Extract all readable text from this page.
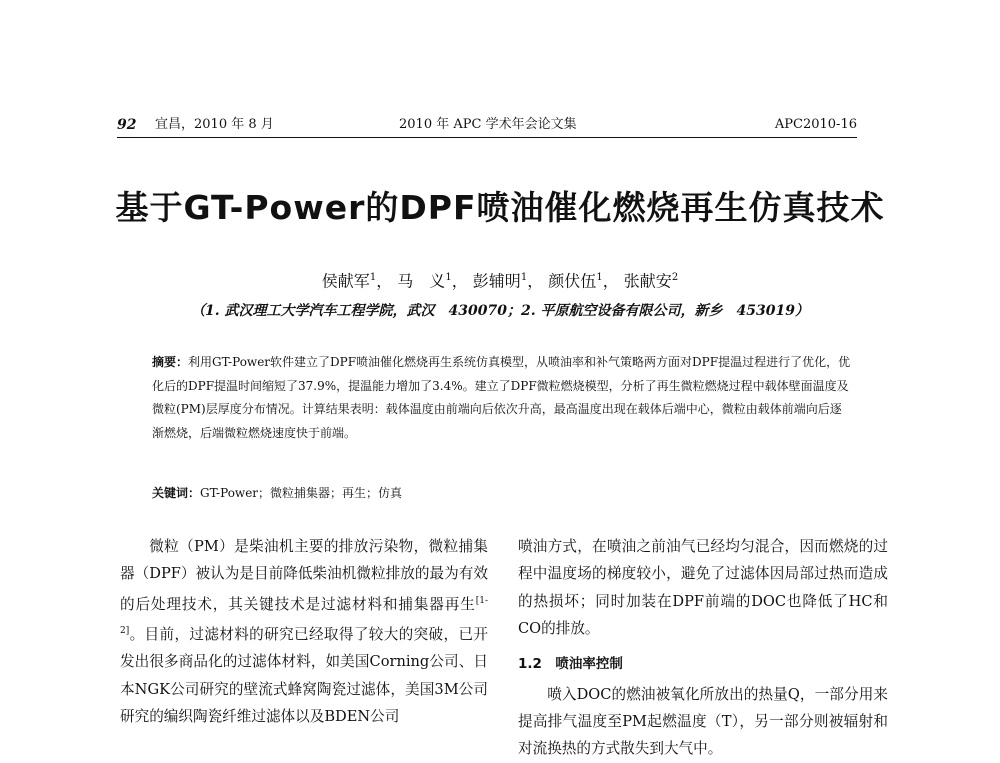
92 宜昌，2010 年 8 月	2010 年 APC 学术年会论文集	APC2010-16
基于GT-Power的DPF喷油催化燃烧再生仿真技术
侯献军$^1$， 马　义$^1$， 彭辅明$^1$， 颜伏伍$^1$， 张献安$^2$
（1. 武汉理工大学汽车工程学院，武汉　430070；2. 平原航空设备有限公司，新乡　453019）
摘要：利用GT-Power软件建立了DPF喷油催化燃烧再生系统仿真模型，从喷油率和补气策略两方面对DPF提温过程进行了优化，优化后的DPF提温时间缩短了37.9%，提温能力增加了3.4%。建立了DPF微粒燃烧模型，分析了再生微粒燃烧过程中载体壁面温度及微粒(PM)层厚度分布情况。计算结果表明：载体温度由前端向后依次升高，最高温度出现在载体后端中心，微粒由载体前端向后逐渐燃烧，后端微粒燃烧速度快于前端。
关键词：GT-Power；微粒捕集器；再生；仿真

微粒（PM）是柴油机主要的排放污染物，微粒捕集器（DPF）被认为是目前降低柴油机微粒排放的最为有效的后处理技术，其关键技术是过滤材料和捕集器再生[1-2]。目前，过滤材料的研究已经取得了较大的突破，已开发出很多商品化的过滤体材料，如美国Corning公司、日本NGK公司研究的壁流式蜂窝陶瓷过滤体，美国3M公司研究的编织陶瓷纤维过滤体以及BDEN公司

喷油方式，在喷油之前油气已经均匀混合，因而燃烧的过程中温度场的梯度较小，避免了过滤体因局部过热而造成的热损坏；同时加装在DPF前端的DOC也降低了HC和CO的排放。

1.2　喷油率控制

喷入DOC的燃油被氧化所放出的热量Q，一部分用来提高排气温度至PM起燃温度（T），另一部分则被辐射和对流换热的方式散失到大气中。
